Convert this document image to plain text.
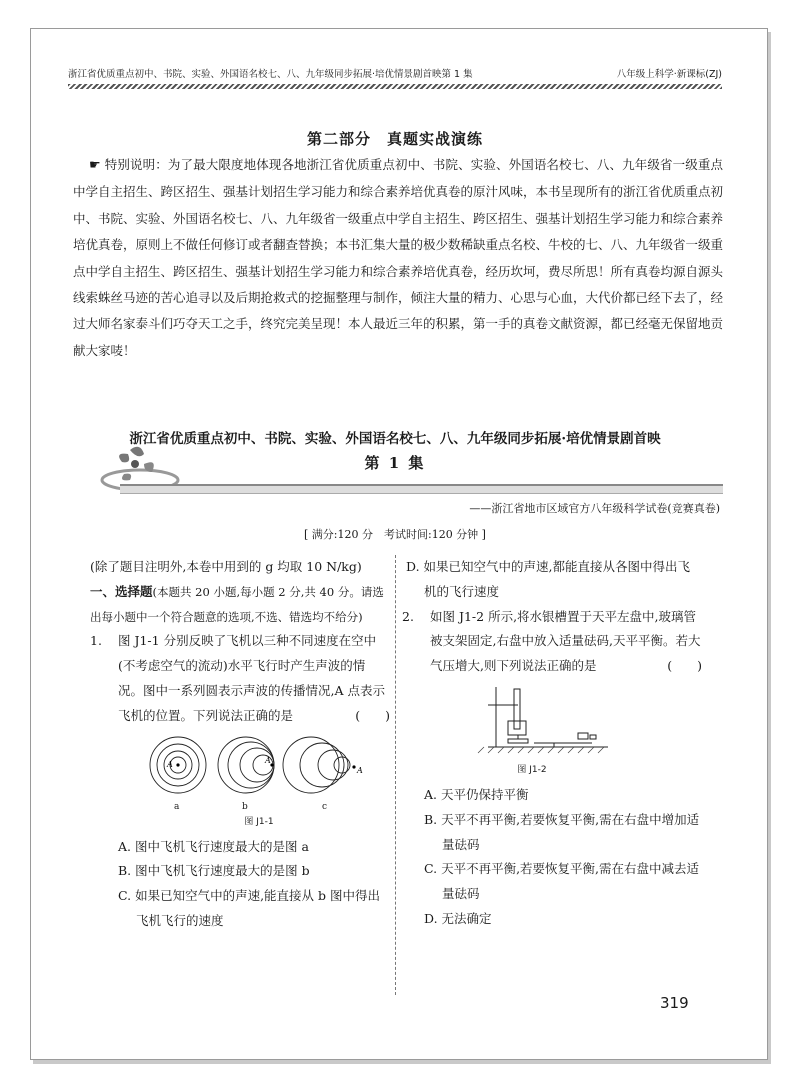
浙江省优质重点初中、书院、实验、外国语名校七、八、九年级同步拓展·培优情景剧首映第 1 集	八年级上科学·新课标(ZJ)
第二部分　真题实战演练
☛ 特别说明：为了最大限度地体现各地浙江省优质重点初中、书院、实验、外国语名校七、八、九年级省一级重点中学自主招生、跨区招生、强基计划招生学习能力和综合素养培优真卷的原汁风味，本书呈现所有的浙江省优质重点初中、书院、实验、外国语名校七、八、九年级省一级重点中学自主招生、跨区招生、强基计划招生学习能力和综合素养培优真卷，原则上不做任何修订或者翻查替换；本书汇集大量的极少数稀缺重点名校、牛校的七、八、九年级省一级重点中学自主招生、跨区招生、强基计划招生学习能力和综合素养培优真卷，经历坎坷，费尽所思！所有真卷均源自源头线索蛛丝马迹的苦心追寻以及后期抢救式的挖掘整理与制作，倾注大量的精力、心思与心血，大代价都已经下去了，经过大师名家泰斗们巧夺天工之手，终究完美呈现！本人最近三年的积累，第一手的真卷文献资源，都已经毫无保留地贡献大家唛！
浙江省优质重点初中、书院、实验、外国语名校七、八、九年级同步拓展·培优情景剧首映
第 1 集
——浙江省地市区域官方八年级科学试卷(竞赛真卷)
[ 满分:120 分　考试时间:120 分钟 ]

(除了题目注明外,本卷中用到的 g 均取 10 N/kg)

一、选择题(本题共 20 小题,每小题 2 分,共 40 分。请选出每小题中一个符合题意的选项,不选、错选均不给分)

1. 图 J1-1 分别反映了飞机以三种不同速度在空中(不考虑空气的流动)水平飞行时产生声波的情况。图中一系列圆表示声波的传播情况,A 点表示飞机的位置。下列说法正确的是	(　　)

A	A
A
a	b	c
图 J1-1

A. 图中飞机飞行速度最大的是图 a

B. 图中飞机飞行速度最大的是图 b

C. 如果已知空气中的声速,能直接从 b 图中得出飞机飞行的速度

D. 如果已知空气中的声速,都能直接从各图中得出飞机的飞行速度

2. 如图 J1-2 所示,将水银槽置于天平左盘中,玻璃管被支架固定,右盘中放入适量砝码,天平平衡。若大气压增大,则下列说法正确的是	(　　)

图 J1-2

A. 天平仍保持平衡

B. 天平不再平衡,若要恢复平衡,需在右盘中增加适量砝码

C. 天平不再平衡,若要恢复平衡,需在右盘中减去适量砝码

D. 无法确定

319
